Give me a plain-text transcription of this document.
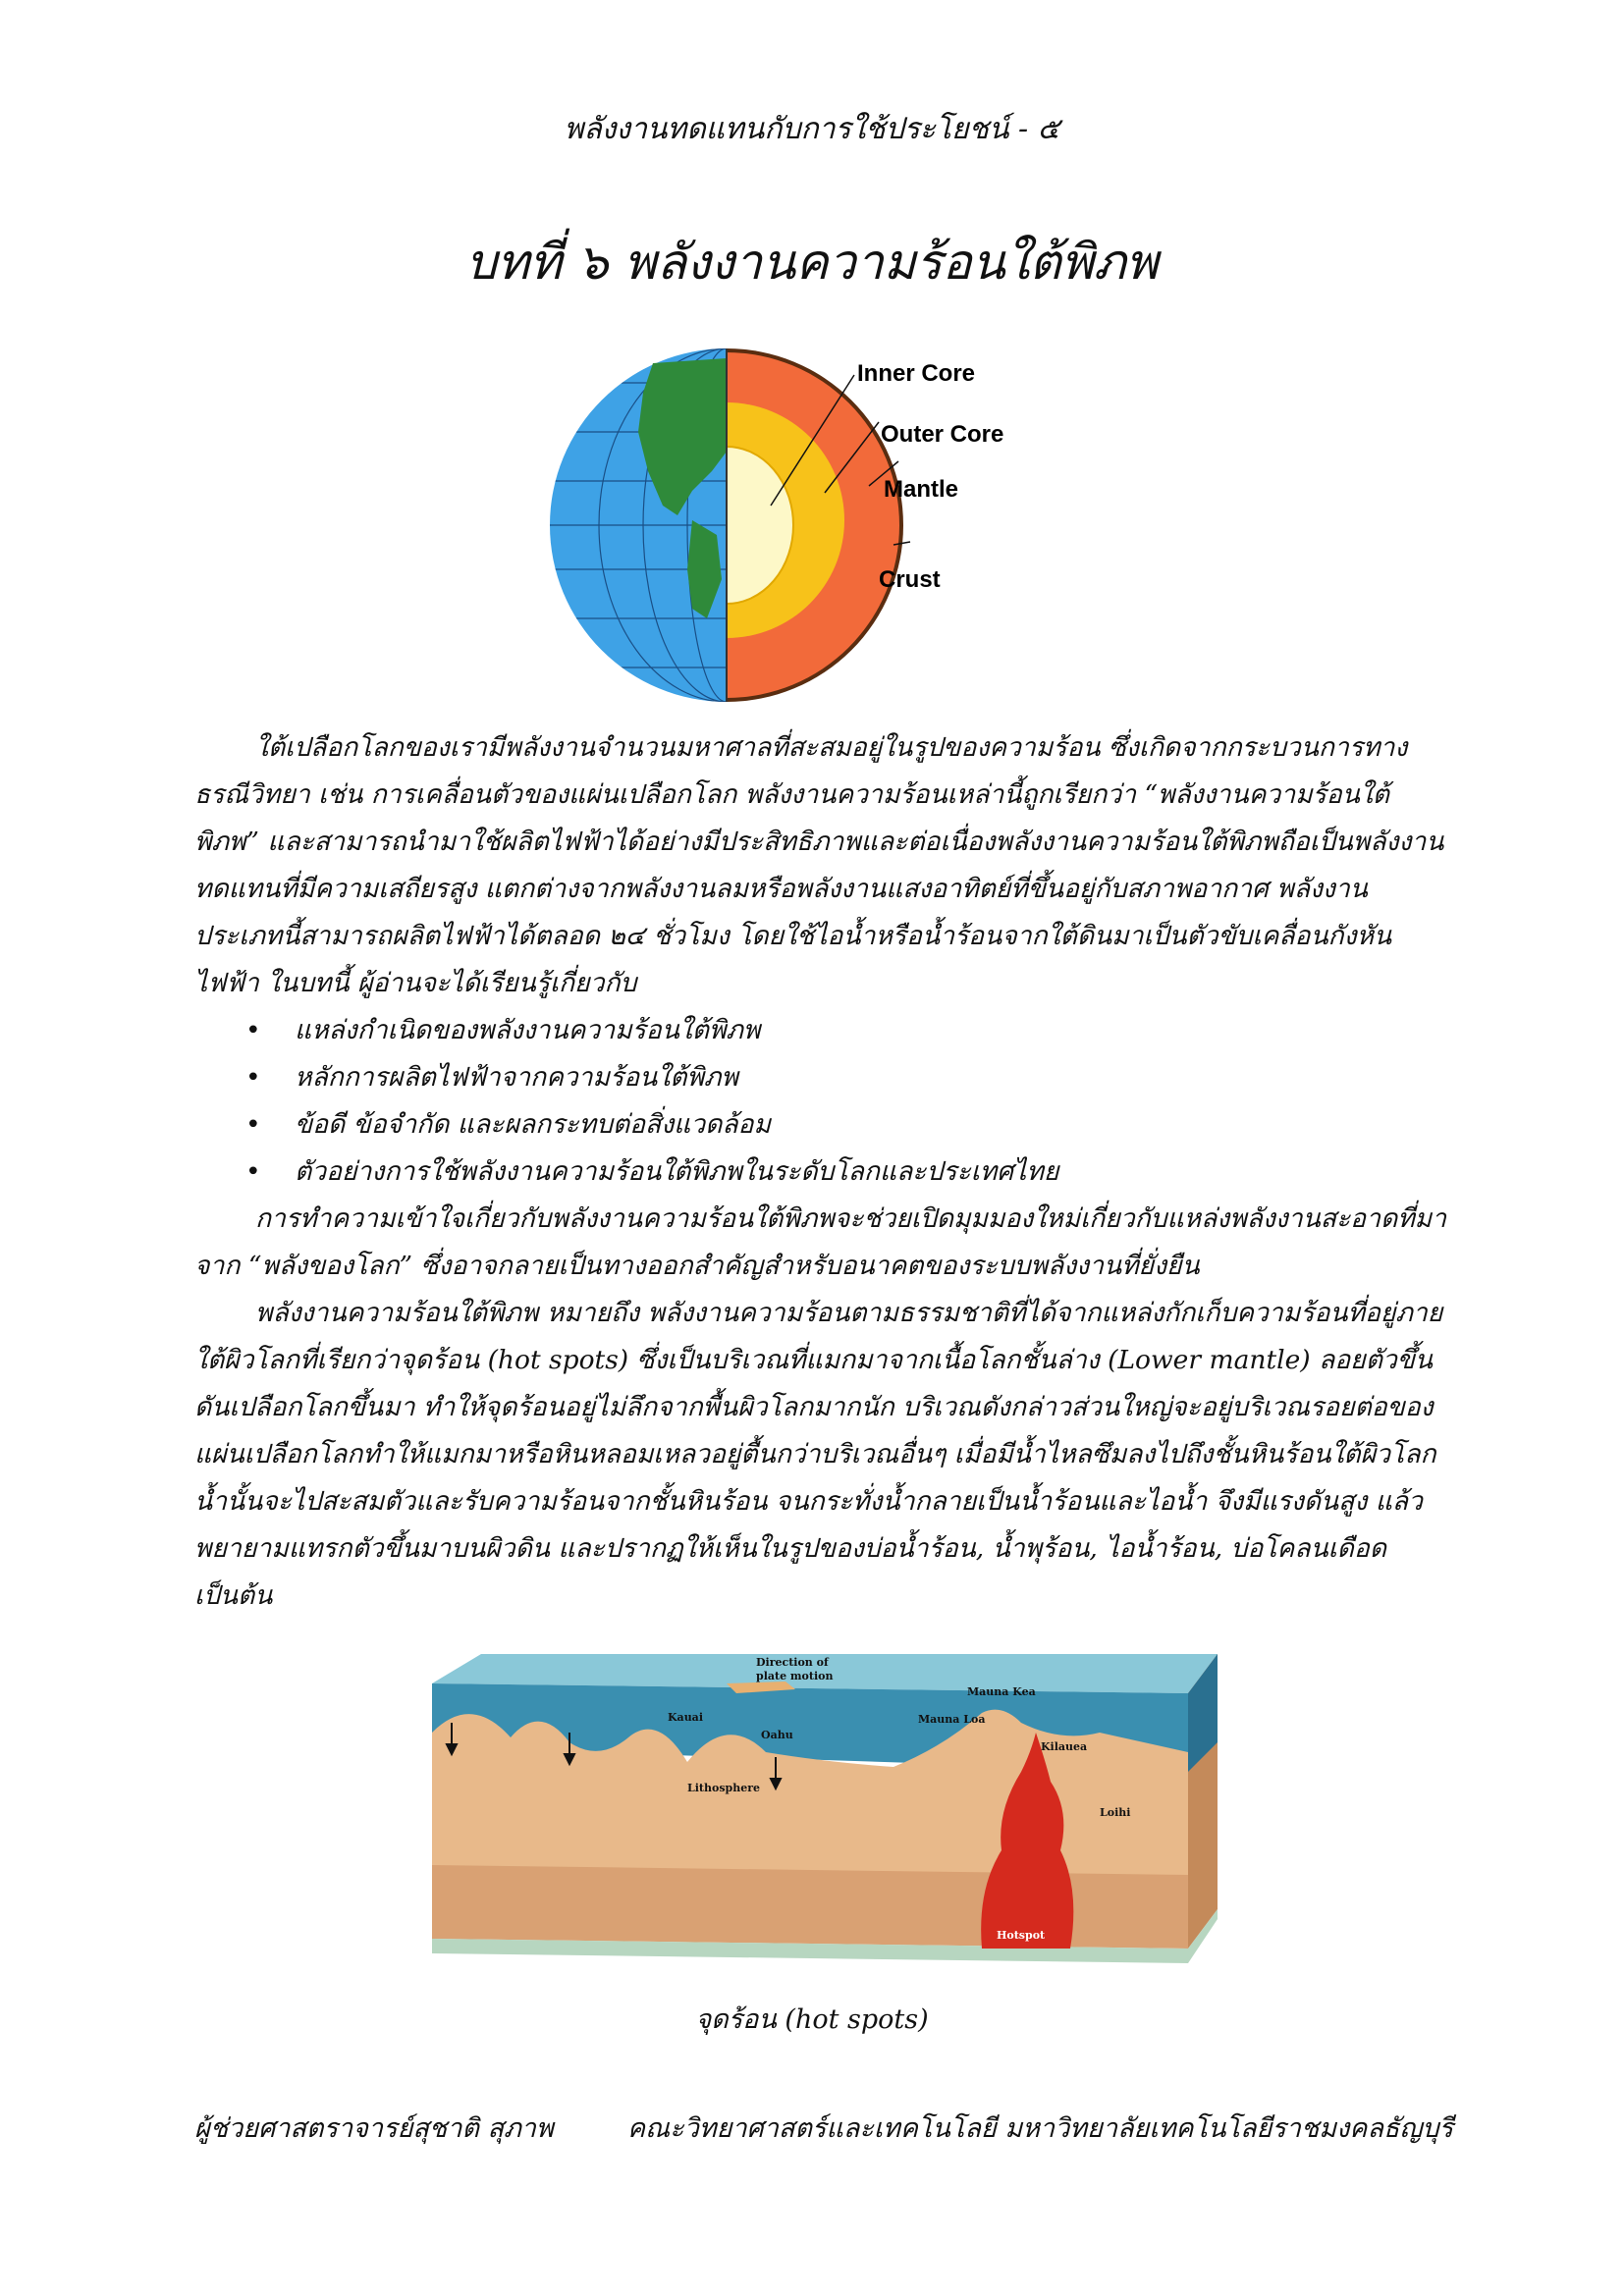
พลังงานทดแทนกับการใช้ประโยชน์ - ๕
บทที่ ๖ พลังงานความร้อนใต้พิภพ
Inner Core
Outer Core
Mantle
Crust

ใต้เปลือกโลกของเรามีพลังงานจำนวนมหาศาลที่สะสมอยู่ในรูปของความร้อน ซึ่งเกิดจากกระบวนการทางธรณีวิทยา เช่น การเคลื่อนตัวของแผ่นเปลือกโลก พลังงานความร้อนเหล่านี้ถูกเรียกว่า “พลังงานความร้อนใต้พิภพ” และสามารถนำมาใช้ผลิตไฟฟ้าได้อย่างมีประสิทธิภาพและต่อเนื่องพลังงานความร้อนใต้พิภพถือเป็นพลังงานทดแทนที่มีความเสถียรสูง แตกต่างจากพลังงานลมหรือพลังงานแสงอาทิตย์ที่ขึ้นอยู่กับสภาพอากาศ พลังงานประเภทนี้สามารถผลิตไฟฟ้าได้ตลอด ๒๔ ชั่วโมง โดยใช้ไอน้ำหรือน้ำร้อนจากใต้ดินมาเป็นตัวขับเคลื่อนกังหันไฟฟ้า ในบทนี้ ผู้อ่านจะได้เรียนรู้เกี่ยวกับ

• แหล่งกำเนิดของพลังงานความร้อนใต้พิภพ
• หลักการผลิตไฟฟ้าจากความร้อนใต้พิภพ
• ข้อดี ข้อจำกัด และผลกระทบต่อสิ่งแวดล้อม
• ตัวอย่างการใช้พลังงานความร้อนใต้พิภพในระดับโลกและประเทศไทย

การทำความเข้าใจเกี่ยวกับพลังงานความร้อนใต้พิภพจะช่วยเปิดมุมมองใหม่เกี่ยวกับแหล่งพลังงานสะอาดที่มาจาก “พลังของโลก” ซึ่งอาจกลายเป็นทางออกสำคัญสำหรับอนาคตของระบบพลังงานที่ยั่งยืน

พลังงานความร้อนใต้พิภพ หมายถึง พลังงานความร้อนตามธรรมชาติที่ได้จากแหล่งกักเก็บความร้อนที่อยู่ภายใต้ผิวโลกที่เรียกว่าจุดร้อน (hot spots) ซึ่งเป็นบริเวณที่แมกมาจากเนื้อโลกชั้นล่าง (Lower mantle) ลอยตัวขึ้นดันเปลือกโลกขึ้นมา ทำให้จุดร้อนอยู่ไม่ลึกจากพื้นผิวโลกมากนัก บริเวณดังกล่าวส่วนใหญ่จะอยู่บริเวณรอยต่อของแผ่นเปลือกโลกทำให้แมกมาหรือหินหลอมเหลวอยู่ตื้นกว่าบริเวณอื่นๆ เมื่อมีน้ำไหลซึมลงไปถึงชั้นหินร้อนใต้ผิวโลกน้ำนั้นจะไปสะสมตัวและรับความร้อนจากชั้นหินร้อน จนกระทั่งน้ำกลายเป็นน้ำร้อนและไอน้ำ จึงมีแรงดันสูง แล้วพยายามแทรกตัวขึ้นมาบนผิวดิน และปรากฏให้เห็นในรูปของบ่อน้ำร้อน, น้ำพุร้อน, ไอน้ำร้อน, บ่อโคลนเดือด เป็นต้น

Direction of
plate motion
Mauna Kea
Mauna Loa
Kilauea
Kauai
Oahu
Lithosphere
Loihi
Hotspot
จุดร้อน (hot spots)
ผู้ช่วยศาสตราจารย์สุชาติ สุภาพ	คณะวิทยาศาสตร์และเทคโนโลยี มหาวิทยาลัยเทคโนโลยีราชมงคลธัญบุรี
